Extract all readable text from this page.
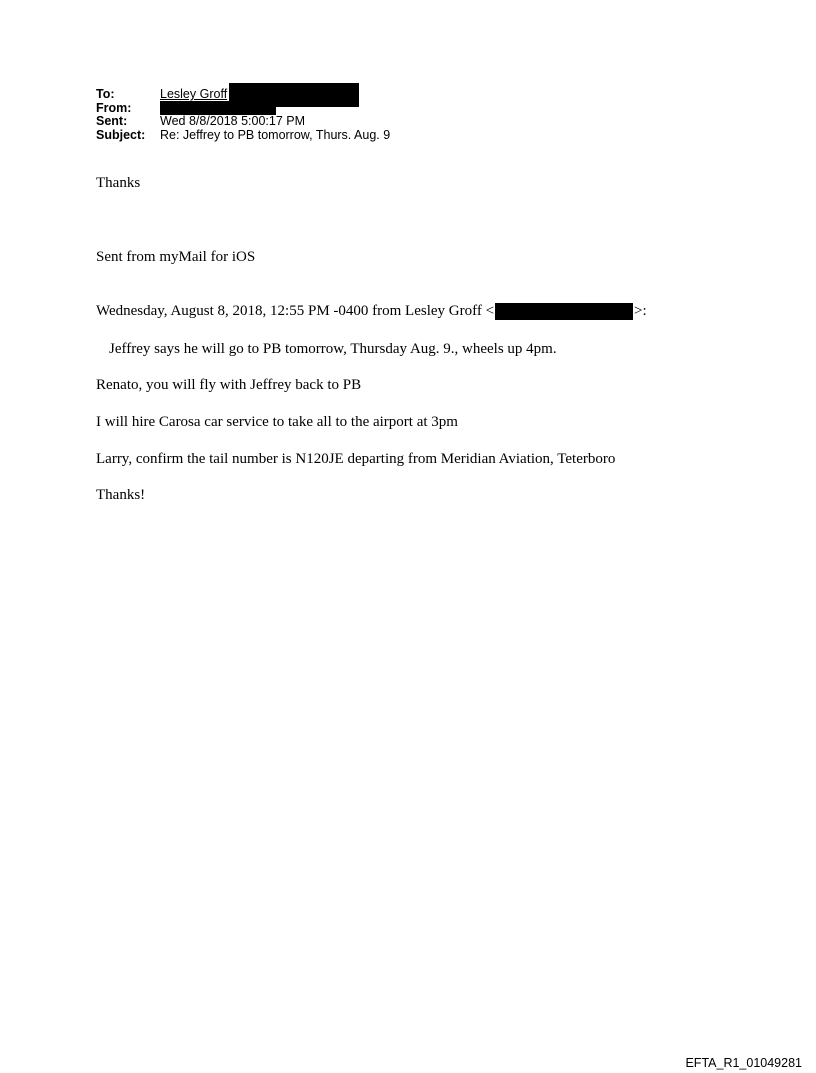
To:	Lesley Groff
From:
Sent:	Wed 8/8/2018 5:00:17 PM
Subject:	Re: Jeffrey to PB tomorrow, Thurs. Aug. 9
Thanks
Sent from myMail for iOS
Wednesday, August 8, 2018, 12:55 PM -0400 from Lesley Groff <	>:
Jeffrey says he will go to PB tomorrow, Thursday Aug. 9., wheels up 4pm.
Renato, you will fly with Jeffrey back to PB
I will hire Carosa car service to take all to the airport at 3pm
Larry, confirm the tail number is N120JE departing from Meridian Aviation, Teterboro
Thanks!
EFTA_R1_01049281
